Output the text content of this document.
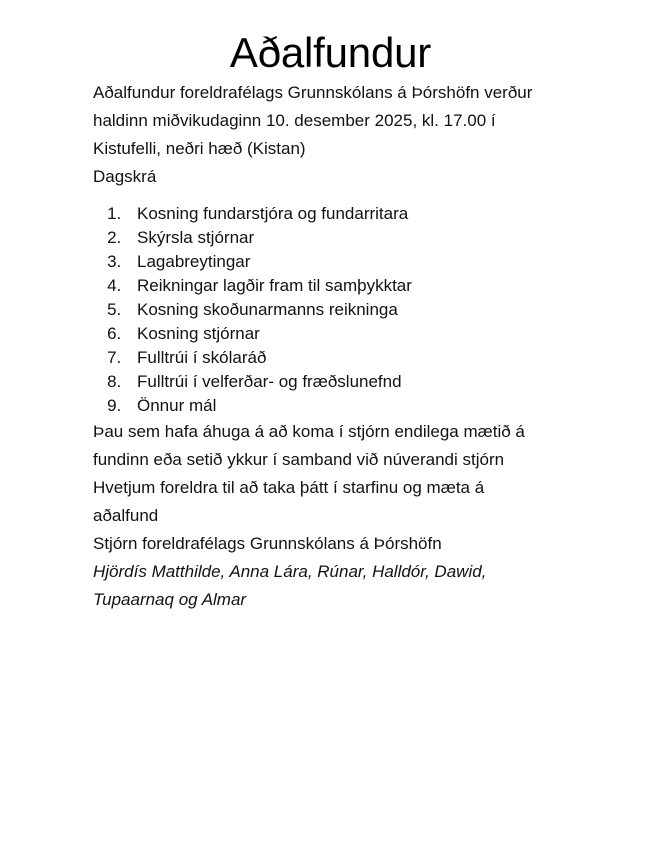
Aðalfundur

Aðalfundur foreldrafélags Grunnskólans á Þórshöfn verður haldinn miðvikudaginn 10. desember 2025, kl. 17.00 í Kistufelli, neðri hæð (Kistan)

Dagskrá

1. Kosning fundarstjóra og fundarritara
2. Skýrsla stjórnar
3. Lagabreytingar
4. Reikningar lagðir fram til samþykktar
5. Kosning skoðunarmanns reikninga
6. Kosning stjórnar
7. Fulltrúi í skólaráð
8. Fulltrúi í velferðar- og fræðslunefnd
9. Önnur mál

Þau sem hafa áhuga á að koma í stjórn endilega mætið á fundinn eða setið ykkur í samband við núverandi stjórn

Hvetjum foreldra til að taka þátt í starfinu og mæta á aðalfund

Stjórn foreldrafélags Grunnskólans á Þórshöfn

Hjördís Matthilde, Anna Lára, Rúnar, Halldór, Dawid, Tupaarnaq og Almar
